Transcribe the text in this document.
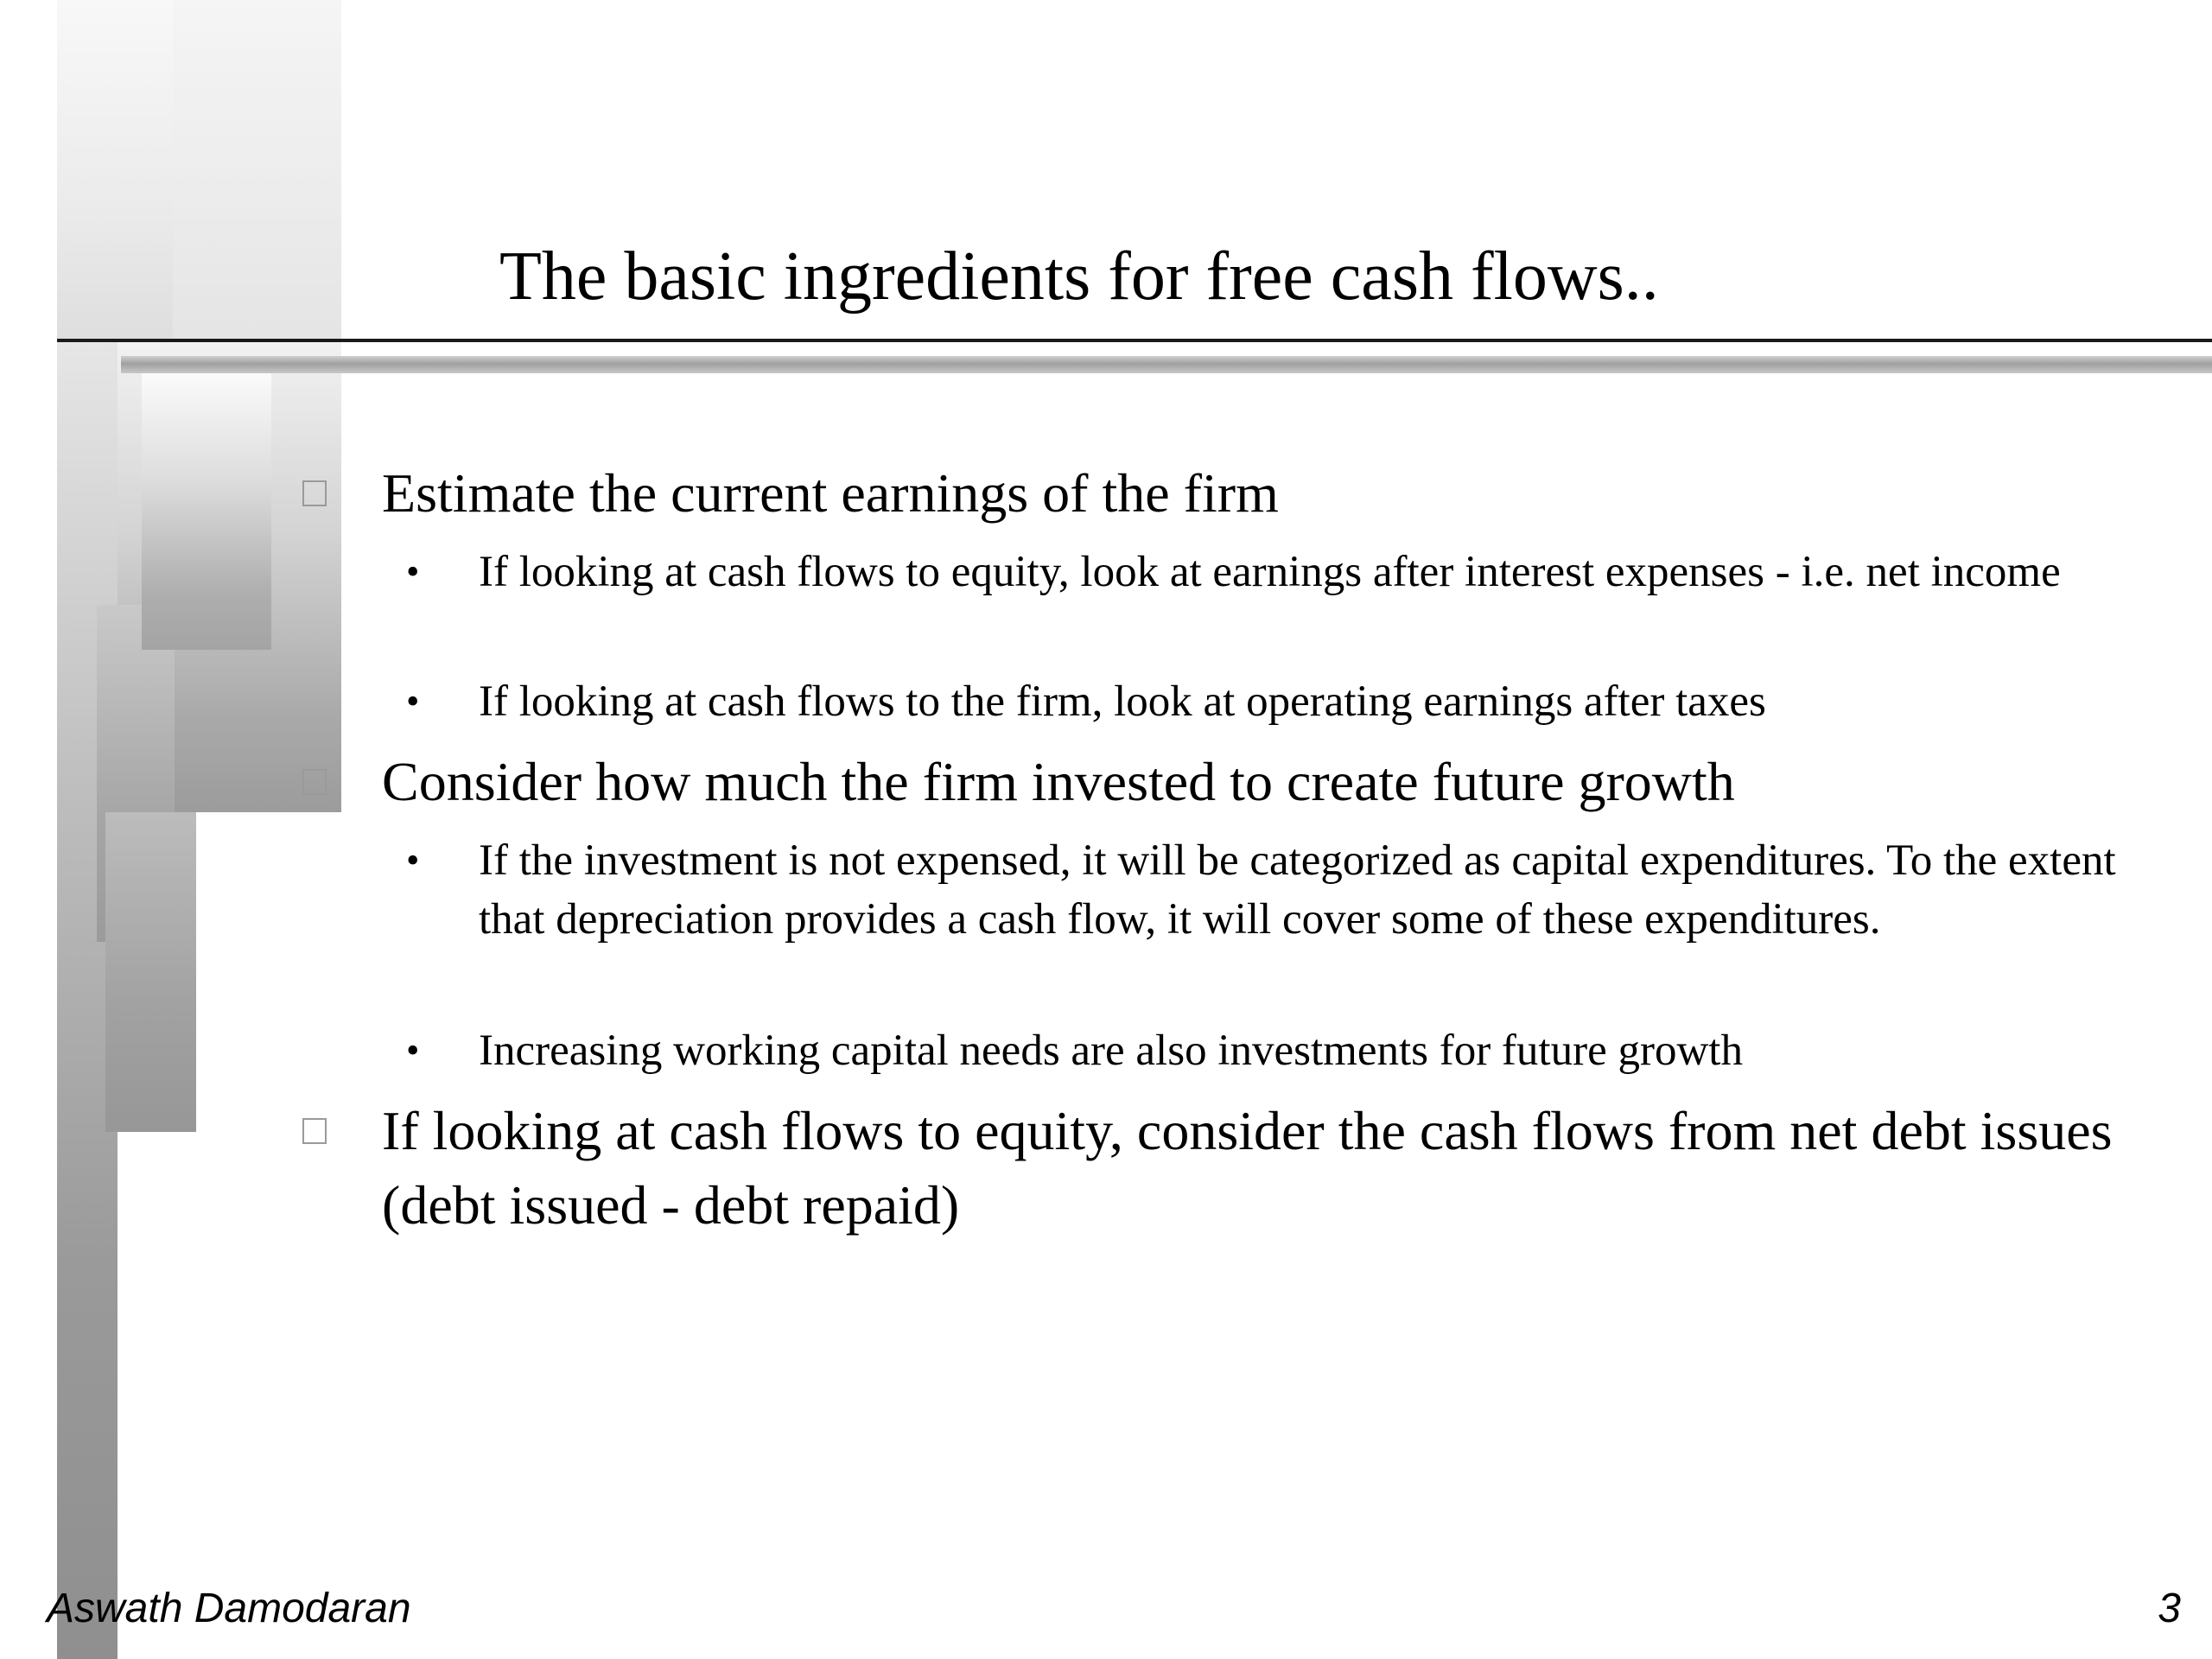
The basic ingredients for free cash flows..
Estimate the current earnings of the firm
• If looking at cash flows to equity, look at earnings after interest expenses - i.e. net income
• If looking at cash flows to the firm, look at operating earnings after taxes
Consider how much the firm invested to create future growth
• If the investment is not expensed, it will be categorized as capital expenditures. To the extent that depreciation provides a cash flow, it will cover some of these expenditures.
• Increasing working capital needs are also investments for future growth
If looking at cash flows to equity, consider the cash flows from net debt issues (debt issued - debt repaid)
Aswath Damodaran	3
